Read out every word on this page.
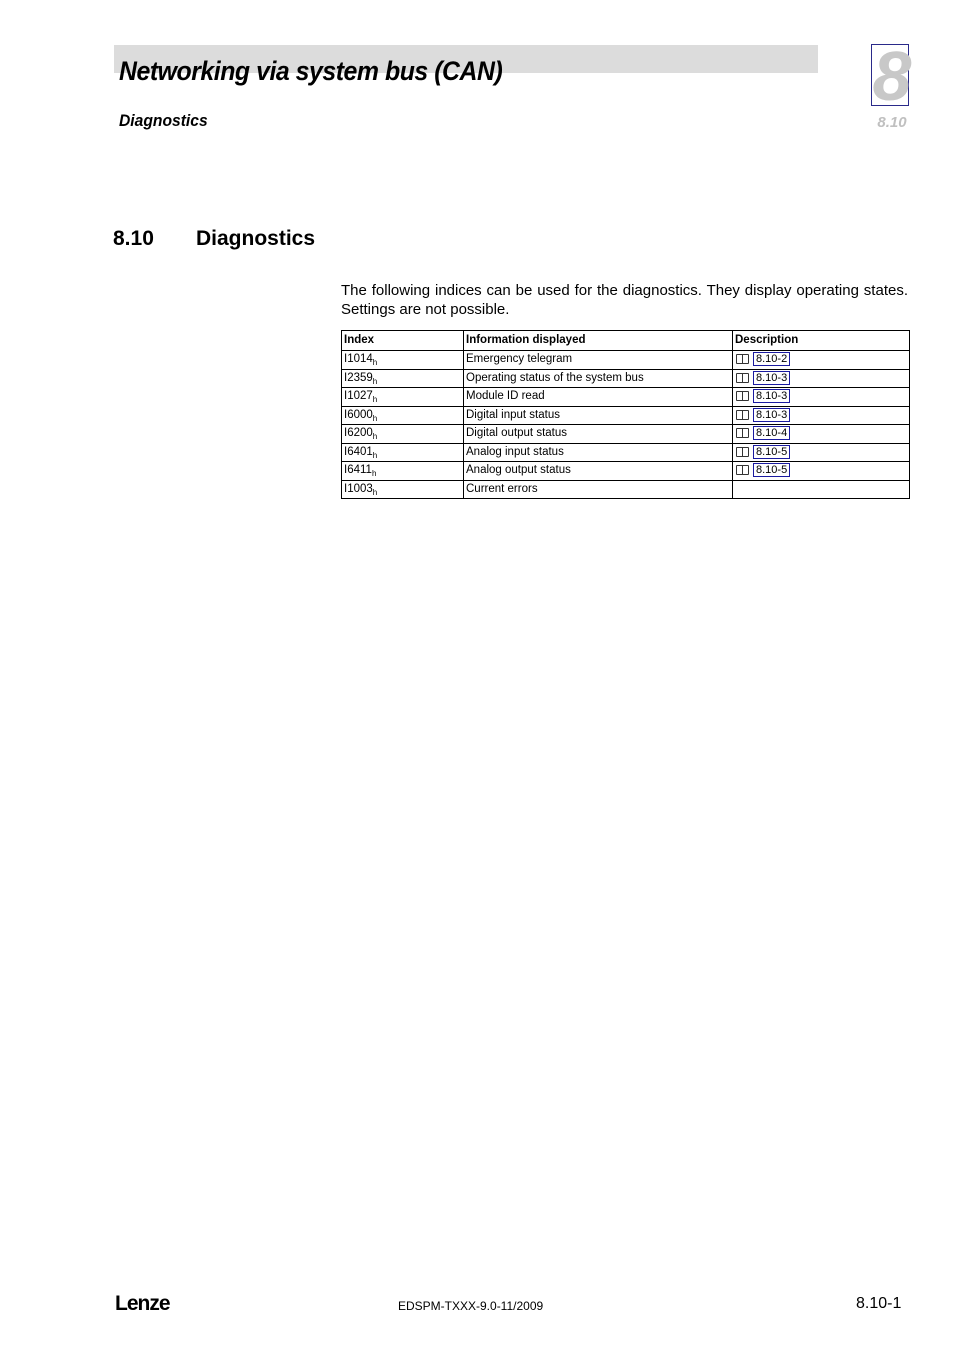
Networking via system bus (CAN)
Diagnostics
8
8.10
8.10 Diagnostics
The following indices can be used for the diagnostics. They display operating states. Settings are not possible.
Index	Information displayed	Description
$I1014_h$	Emergency telegram	8.10-2
$I2359_h$	Operating status of the system bus	8.10-3
$I1027_h$	Module ID read	8.10-3
$I6000_h$	Digital input status	8.10-3
$I6200_h$	Digital output status	8.10-4
$I6401_h$	Analog input status	8.10-5
$I6411_h$	Analog output status	8.10-5
$I1003_h$	Current errors	
Lenze	EDSPM-TXXX-9.0-11/2009	8.10-1
